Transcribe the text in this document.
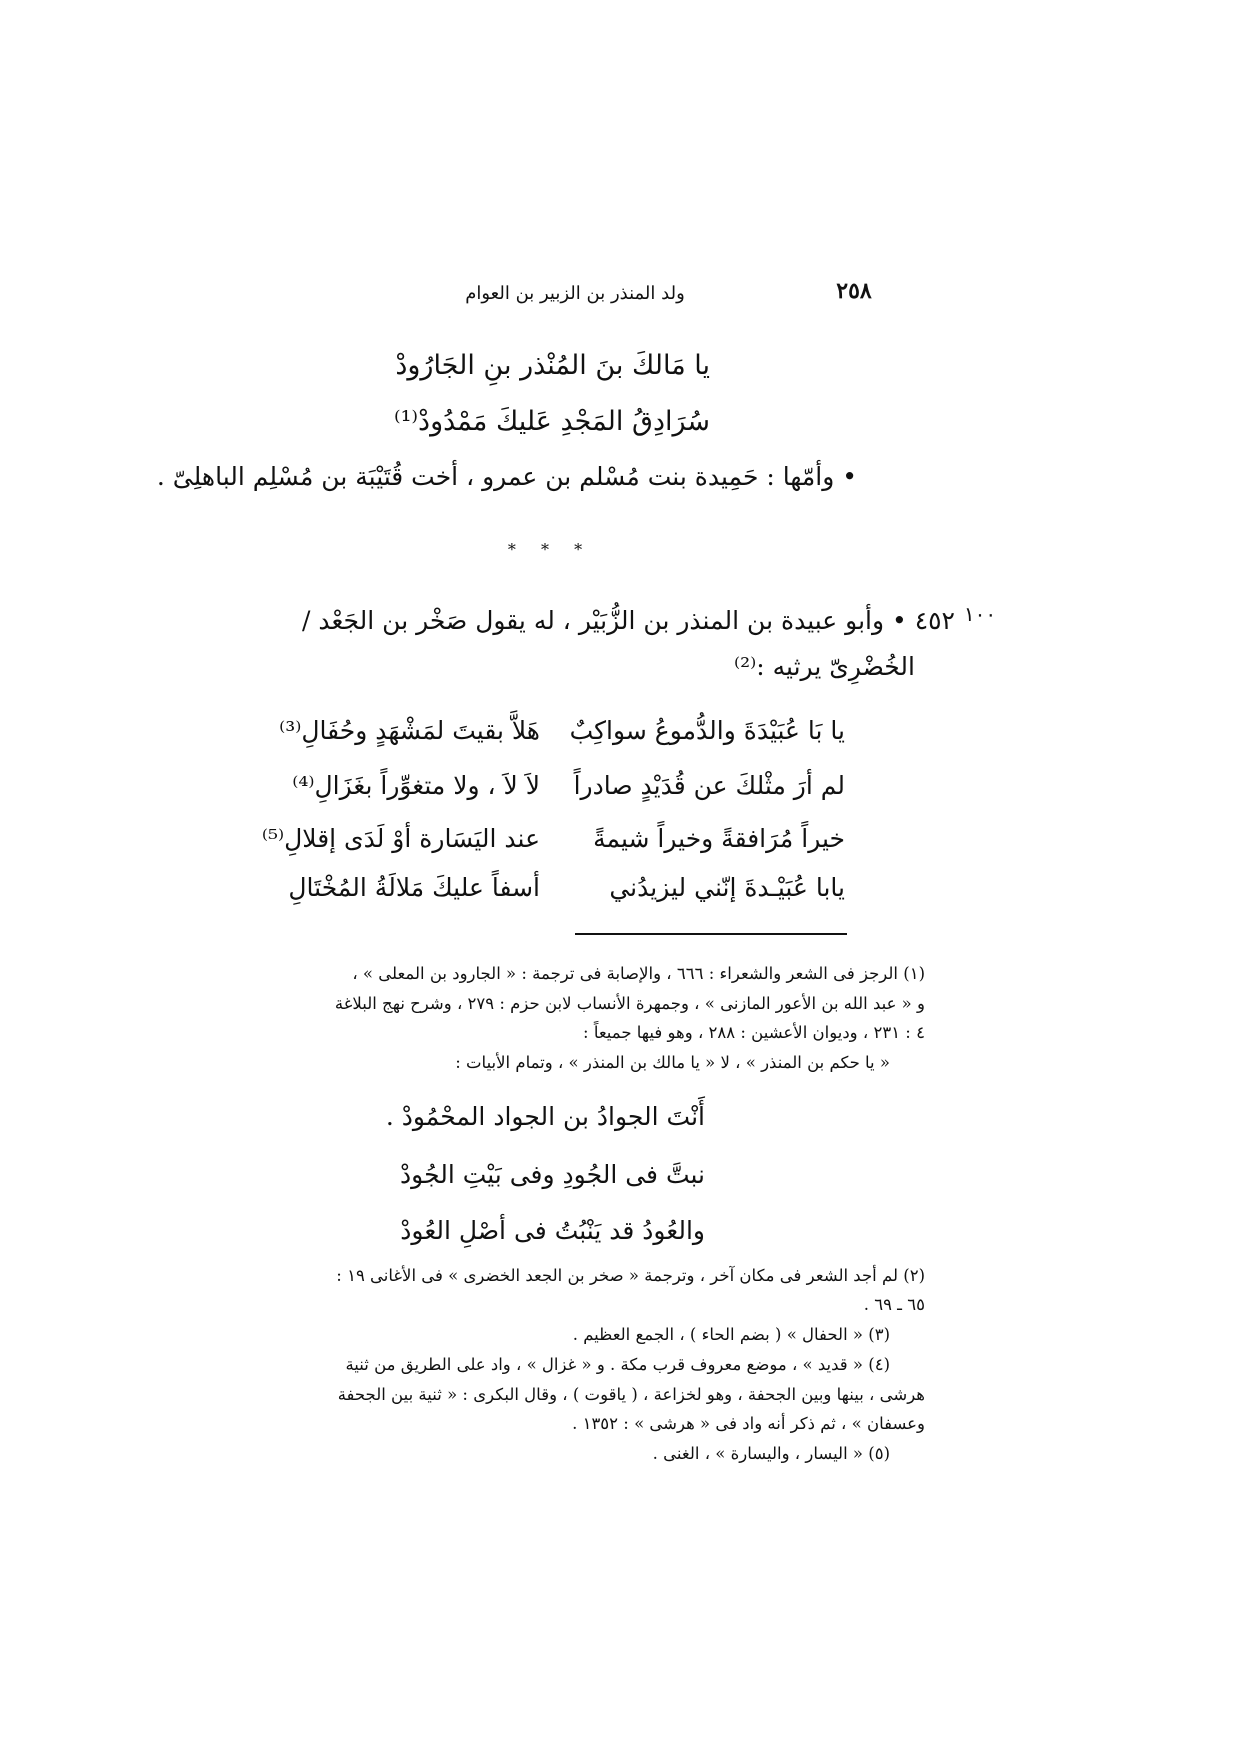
٢٥٨
ولد المنذر بن الزبير بن العوام
يا مَالكَ بنَ المُنْذر بنِ الجَارُودْ
سُرَادِقُ المَجْدِ عَليكَ مَمْدُودْ⁽¹⁾
• وأمّها : حَمِيدة بنت مُسْلم بن عمرو ، أخت قُتَيْبَة بن مُسْلِم الباهلِىّ .
* * *
١٠٠
٤٥٢ • وأبو عبيدة بن المنذر بن الزُّبَيْر ، له يقول صَخْر بن الجَعْد /
الخُضْرِىّ يرثيه :⁽²⁾
يا بَا عُبَيْدَةَ والدُّموعُ سواكِبٌ
هَلاَّ بقيتَ لمَشْهَدٍ وحُفَالِ⁽³⁾
لم أرَ مثْلكَ عن قُدَيْدٍ صادراً
لاَ لاَ ، ولا متغوِّراً بغَزَالِ⁽⁴⁾
خيراً مُرَافقةً وخيراً شيمةً
عند اليَسَارة أوْ لَدَى إقلالِ⁽⁵⁾
يابا عُبَيْـدةَ إنّني ليزيدُني
أسفاً عليكَ مَلالَةُ المُخْتَالِ
(١) الرجز فى الشعر والشعراء : ٦٦٦ ، والإصابة فى ترجمة : « الجارود بن المعلى » ،
و « عبد الله بن الأعور المازنى » ، وجمهرة الأنساب لابن حزم : ٢٧٩ ، وشرح نهج البلاغة
٤ : ٢٣١ ، وديوان الأعشين : ٢٨٨ ، وهو فيها جميعاً :
« يا حكم بن المنذر » ، لا « يا مالك بن المنذر » ، وتمام الأبيات :
أَنْتَ الجوادُ بن الجواد المحْمُودْ .
نبتَّ فى الجُودِ وفى بَيْتِ الجُودْ
والعُودُ قد يَنْبُتُ فى أصْلِ العُودْ
(٢) لم أجد الشعر فى مكان آخر ، وترجمة « صخر بن الجعد الخضرى » فى الأغانى ١٩ :
٦٥ ـ ٦٩ .
(٣) « الحفال » ( بضم الحاء ) ، الجمع العظيم .
(٤) « قديد » ، موضع معروف قرب مكة . و « غزال » ، واد على الطريق من ثنية
هرشى ، بينها وبين الجحفة ، وهو لخزاعة ، ( ياقوت ) ، وقال البكرى : « ثنية بين الجحفة
وعسفان » ، ثم ذكر أنه واد فى « هرشى » : ١٣٥٢ .
(٥) « اليسار ، واليسارة » ، الغنى .
